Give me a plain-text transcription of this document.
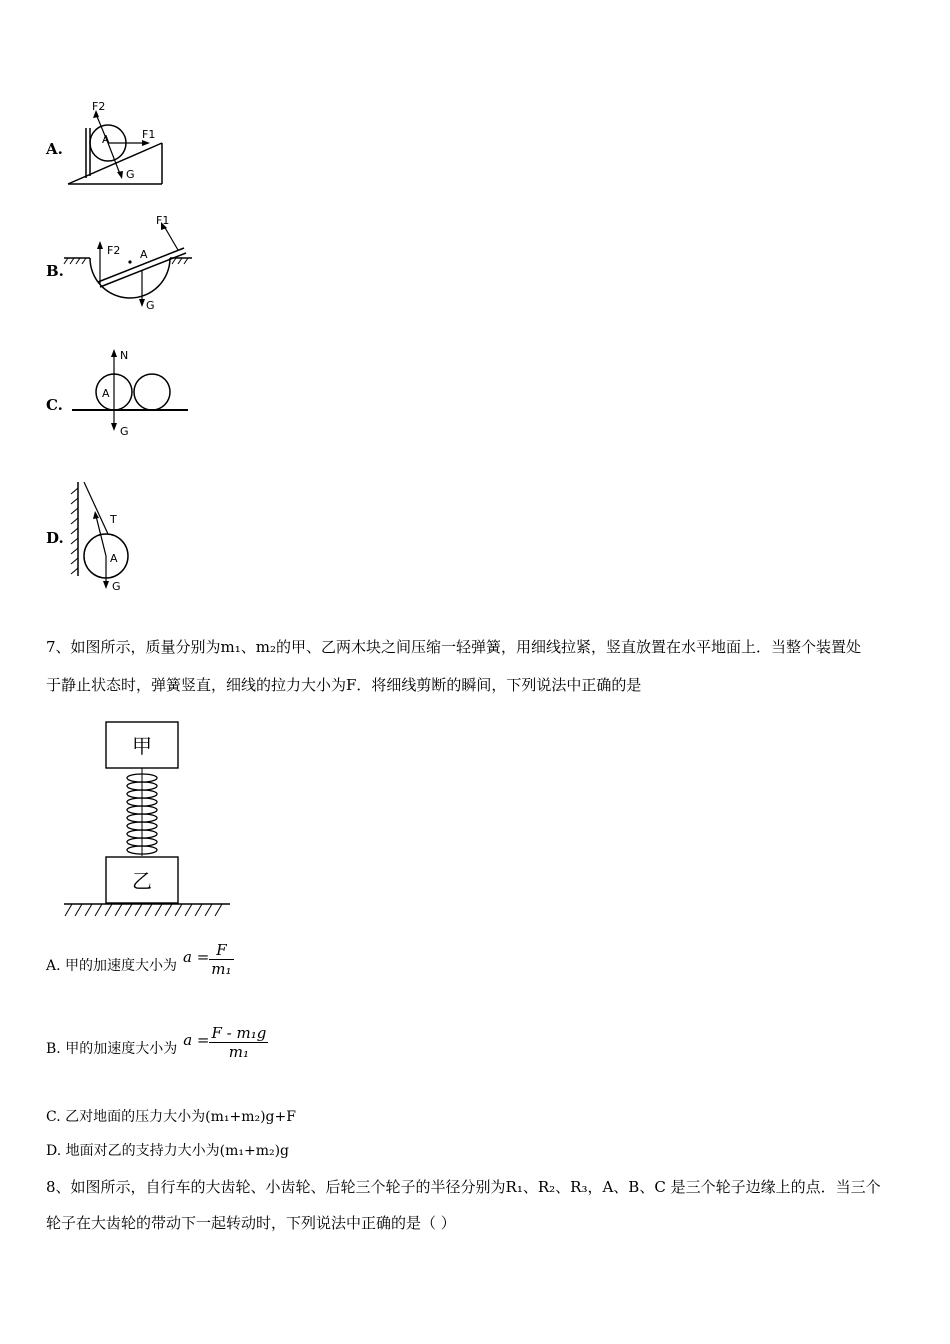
A.
F2
A	F1
G
B.
F2 A
F1
G
C.
N
A
G
D.
T
A
G
7、如图所示，质量分别为m₁、m₂的甲、乙两木块之间压缩一轻弹簧，用细线拉紧，竖直放置在水平地面上．当整个装置处
于静止状态时，弹簧竖直，细线的拉力大小为F．将细线剪断的瞬间，下列说法中正确的是
甲
乙
A. 甲的加速度大小为 $a = \frac{F}{\text{m₁}}$
B. 甲的加速度大小为 $a = \frac{\text{F - m₁g}}{\text{m₁}}$
C. 乙对地面的压力大小为(m₁+m₂)g+F
D. 地面对乙的支持力大小为(m₁+m₂)g
8、如图所示，自行车的大齿轮、小齿轮、后轮三个轮子的半径分别为R₁、R₂、R₃，A、B、C 是三个轮子边缘上的点．当三个
轮子在大齿轮的带动下一起转动时，下列说法中正确的是（ ）
